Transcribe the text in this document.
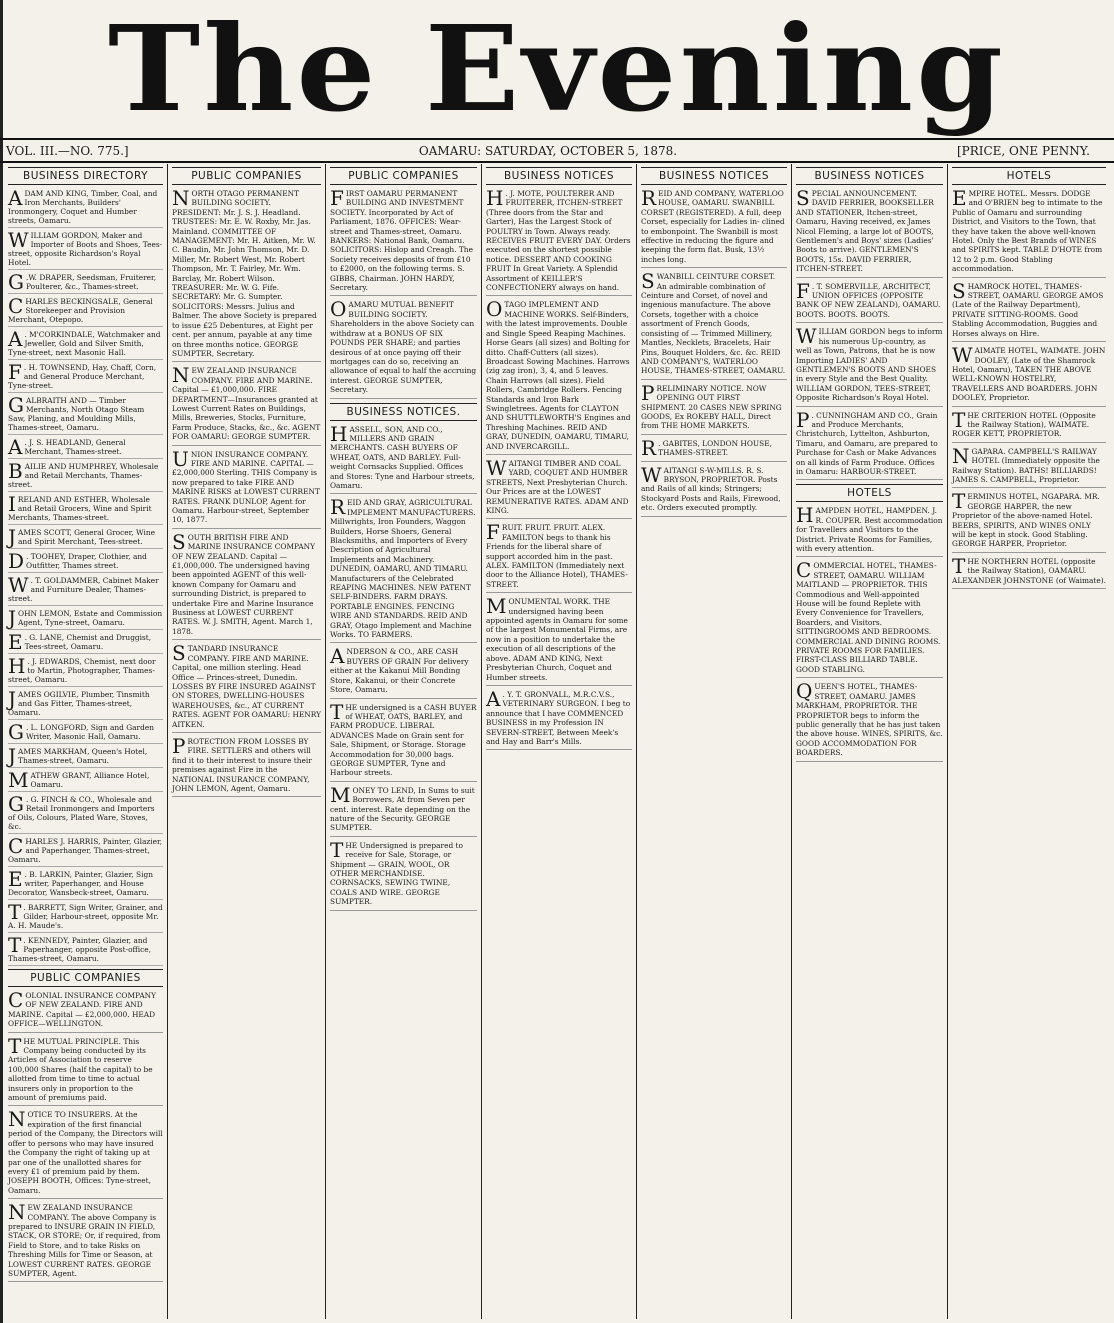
The Evening
VOL. III.—NO. 775.]	OAMARU: SATURDAY, OCTOBER 5, 1878.	[PRICE, ONE PENNY.
BUSINESS DIRECTORY
ADAM AND KING, Timber, Coal, and Iron Merchants, Builders' Ironmongery, Coquet and Humber streets, Oamaru.
WILLIAM GORDON, Maker and Importer of Boots and Shoes, Tees-street, opposite Richardson's Royal Hotel.
G .W. DRAPER, Seedsman, Fruiterer, Poulterer, &c., Thames-street.
CHARLES BECKINGSALE, General Storekeeper and Provision Merchant, Otepopo.
A . M'CORKINDALE, Watchmaker and Jeweller, Gold and Silver Smith, Tyne-street, next Masonic Hall.
F . H. TOWNSEND, Hay, Chaff, Corn, and General Produce Merchant, Tyne-street.
GALBRAITH AND — Timber Merchants, North Otago Steam Saw, Planing, and Moulding Mills, Thames-street, Oamaru.
A . J. S. HEADLAND, General Merchant, Thames-street.
BAILIE AND HUMPHREY, Wholesale and Retail Merchants, Thames-street.
IRELAND AND ESTHER, Wholesale and Retail Grocers, Wine and Spirit Merchants, Thames-street.
JAMES SCOTT, General Grocer, Wine and Spirit Merchant, Tees-street.
D . TOOHEY, Draper, Clothier, and Outfitter, Thames street.
W . T. GOLDAMMER, Cabinet Maker and Furniture Dealer, Thames-street.
JOHN LEMON, Estate and Commission Agent, Tyne-street, Oamaru.
E . G. LANE, Chemist and Druggist, Tees-street, Oamaru.
H . J. EDWARDS, Chemist, next door to Martin, Photographer, Thames-street, Oamaru.
JAMES OGILVIE, Plumber, Tinsmith and Gas Fitter, Thames-street, Oamaru.
G . L. LONGFORD, Sign and Garden Writer, Masonic Hall, Oamaru.
JAMES MARKHAM, Queen's Hotel, Thames-street, Oamaru.
MATHEW GRANT, Alliance Hotel, Oamaru.
G . G. FINCH & CO., Wholesale and Retail Ironmongers and Importers of Oils, Colours, Plated Ware, Stoves, &c.
CHARLES J. HARRIS, Painter, Glazier, and Paperhanger, Thames-street, Oamaru.
E . B. LARKIN, Painter, Glazier, Sign writer, Paperhanger, and House Decorator, Wansbeck-street, Oamaru.
T . BARRETT, Sign Writer, Grainer, and Gilder, Harbour-street, opposite Mr. A. H. Maude's.
T . KENNEDY, Painter, Glazier, and Paperhanger, opposite Post-office, Thames-street, Oamaru.
PUBLIC COMPANIES
COLONIAL INSURANCE COMPANY OF NEW ZEALAND. FIRE AND MARINE. Capital — £2,000,000. HEAD OFFICE—WELLINGTON.
THE MUTUAL PRINCIPLE. This Company being conducted by its Articles of Association to reserve 100,000 Shares (half the capital) to be allotted from time to time to actual insurers only in proportion to the amount of premiums paid.
NOTICE TO INSURERS. At the expiration of the first financial period of the Company, the Directors will offer to persons who may have insured the Company the right of taking up at par one of the unallotted shares for every £1 of premium paid by them. JOSEPH BOOTH, Offices: Tyne-street, Oamaru.
NEW ZEALAND INSURANCE COMPANY. The above Company is prepared to INSURE GRAIN IN FIELD, STACK, OR STORE; Or, if required, from Field to Store, and to take Risks on Threshing Mills for Time or Season, at LOWEST CURRENT RATES. GEORGE SUMPTER, Agent.
PUBLIC COMPANIES
NORTH OTAGO PERMANENT BUILDING SOCIETY. PRESIDENT: Mr. J. S. J. Headland. TRUSTEES: Mr. E. W. Roxby, Mr. Jas. Mainland. COMMITTEE OF MANAGEMENT: Mr. H. Aitken, Mr. W. C. Baudin, Mr. John Thomson, Mr. D. Miller, Mr. Robert West, Mr. Robert Thompson, Mr. T. Fairley, Mr. Wm. Barclay, Mr. Robert Wilson. TREASURER: Mr. W. G. Fife. SECRETARY: Mr. G. Sumpter. SOLICITORS: Messrs. Julius and Balmer. The above Society is prepared to issue £25 Debentures, at Eight per cent. per annum, payable at any time on three months notice. GEORGE SUMPTER, Secretary.
NEW ZEALAND INSURANCE COMPANY. FIRE AND MARINE. Capital — £1,000,000. FIRE DEPARTMENT—Insurances granted at Lowest Current Rates on Buildings, Mills, Breweries, Stocks, Furniture, Farm Produce, Stacks, &c., &c. AGENT FOR OAMARU: GEORGE SUMPTER.
UNION INSURANCE COMPANY. FIRE AND MARINE. CAPITAL — £2,000,000 Sterling. THIS Company is now prepared to take FIRE AND MARINE RISKS at LOWEST CURRENT RATES. FRANK DUNLOP, Agent for Oamaru. Harbour-street, September 10, 1877.
SOUTH BRITISH FIRE AND MARINE INSURANCE COMPANY OF NEW ZEALAND. Capital — £1,000,000. The undersigned having been appointed AGENT of this well-known Company for Oamaru and surrounding District, is prepared to undertake Fire and Marine Insurance Business at LOWEST CURRENT RATES. W. J. SMITH, Agent. March 1, 1878.
STANDARD INSURANCE COMPANY. FIRE AND MARINE. Capital, one million sterling. Head Office — Princes-street, Dunedin. LOSSES BY FIRE INSURED AGAINST ON STORES, DWELLING-HOUSES WAREHOUSES, &c., AT CURRENT RATES. AGENT FOR OAMARU: HENRY AITKEN.
PROTECTION FROM LOSSES BY FIRE. SETTLERS and others will find it to their interest to insure their premises against Fire in the NATIONAL INSURANCE COMPANY, JOHN LEMON, Agent, Oamaru.
PUBLIC COMPANIES
FIRST OAMARU PERMANENT BUILDING AND INVESTMENT SOCIETY. Incorporated by Act of Parliament, 1876. OFFICES: Wear-street and Thames-street, Oamaru. BANKERS: National Bank, Oamaru. SOLICITORS: Hislop and Creagh. The Society receives deposits of from £10 to £2000, on the following terms. S. GIBBS, Chairman. JOHN HARDY, Secretary.
OAMARU MUTUAL BENEFIT BUILDING SOCIETY. Shareholders in the above Society can withdraw at a BONUS OF SIX POUNDS PER SHARE; and parties desirous of at once paying off their mortgages can do so, receiving an allowance of equal to half the accruing interest. GEORGE SUMPTER, Secretary.
BUSINESS NOTICES.
HASSELL, SON, AND CO., MILLERS AND GRAIN MERCHANTS. CASH BUYERS OF WHEAT, OATS, AND BARLEY. Full-weight Cornsacks Supplied. Offices and Stores: Tyne and Harbour streets, Oamaru.
REID AND GRAY, AGRICULTURAL IMPLEMENT MANUFACTURERS. Millwrights, Iron Founders, Waggon Builders, Horse Shoers, General Blacksmiths, and Importers of Every Description of Agricultural Implements and Machinery. DUNEDIN, OAMARU, AND TIMARU. Manufacturers of the Celebrated REAPING MACHINES. NEW PATENT SELF-BINDERS. FARM DRAYS. PORTABLE ENGINES. FENCING WIRE AND STANDARDS. REID AND GRAY, Otago Implement and Machine Works. TO FARMERS.
ANDERSON & CO., ARE CASH BUYERS OF GRAIN For delivery either at the Kakanui Mill Bonding Store, Kakanui, or their Concrete Store, Oamaru.
THE undersigned is a CASH BUYER of WHEAT, OATS, BARLEY, and FARM PRODUCE. LIBERAL ADVANCES Made on Grain sent for Sale, Shipment, or Storage. Storage Accommodation for 30,000 bags. GEORGE SUMPTER, Tyne and Harbour streets.
MONEY TO LEND, In Sums to suit Borrowers, At from Seven per cent. interest. Rate depending on the nature of the Security. GEORGE SUMPTER.
THE Undersigned is prepared to receive for Sale, Storage, or Shipment — GRAIN, WOOL, OR OTHER MERCHANDISE. CORNSACKS, SEWING TWINE, COALS AND WIRE. GEORGE SUMPTER.
BUSINESS NOTICES
H . J. MOTE, POULTERER AND FRUITERER, ITCHEN-STREET (Three doors from the Star and Garter), Has the Largest Stock of POULTRY in Town. Always ready. RECEIVES FRUIT EVERY DAY. Orders executed on the shortest possible notice. DESSERT AND COOKING FRUIT In Great Variety. A Splendid Assortment of KEILLER'S CONFECTIONERY always on hand.
OTAGO IMPLEMENT AND MACHINE WORKS. Self-Binders, with the latest improvements. Double and Single Speed Reaping Machines. Horse Gears (all sizes) and Bolting for ditto. Chaff-Cutters (all sizes). Broadcast Sowing Machines. Harrows (zig zag iron), 3, 4, and 5 leaves. Chain Harrows (all sizes). Field Rollers, Cambridge Rollers. Fencing Standards and Iron Bark Swingletrees. Agents for CLAYTON AND SHUTTLEWORTH'S Engines and Threshing Machines. REID AND GRAY, DUNEDIN, OAMARU, TIMARU, AND INVERCARGILL.
WAITANGI TIMBER AND COAL YARD, COQUET AND HUMBER STREETS, Next Presbyterian Church. Our Prices are at the LOWEST REMUNERATIVE RATES. ADAM AND KING.
FRUIT. FRUIT. FRUIT. ALEX. FAMILTON begs to thank his Friends for the liberal share of support accorded him in the past. ALEX. FAMILTON (Immediately next door to the Alliance Hotel), THAMES-STREET.
MONUMENTAL WORK. THE undersigned having been appointed agents in Oamaru for some of the largest Monumental Firms, are now in a position to undertake the execution of all descriptions of the above. ADAM AND KING, Next Presbyterian Church, Coquet and Humber streets.
A . Y. T. GRONVALL, M.R.C.V.S., VETERINARY SURGEON. I beg to announce that I have COMMENCED BUSINESS in my Profession IN SEVERN-STREET, Between Meek's and Hay and Barr's Mills.
BUSINESS NOTICES
REID AND COMPANY, WATERLOO HOUSE, OAMARU. SWANBILL CORSET (REGISTERED). A full, deep Corset, especially for Ladies in- clined to embonpoint. The Swanbill is most effective in reducing the figure and keeping the form flat. Busk, 13½ inches long.
SWANBILL CEINTURE CORSET. An admirable combination of Ceinture and Corset, of novel and ingenious manufacture. The above Corsets, together with a choice assortment of French Goods, consisting of — Trimmed Millinery, Mantles, Necklets, Bracelets, Hair Pins, Bouquet Holders, &c. &c. REID AND COMPANY'S, WATERLOO HOUSE, THAMES-STREET, OAMARU.
PRELIMINARY NOTICE. NOW OPENING OUT FIRST SHIPMENT. 20 CASES NEW SPRING GOODS, Ex ROKEBY HALL, Direct from THE HOME MARKETS.
R . GABITES, LONDON HOUSE, THAMES-STREET.
WAITANGI S-W-MILLS. R. S. BRYSON, PROPRIETOR. Posts and Rails of all kinds; Stringers; Stockyard Posts and Rails, Firewood, etc. Orders executed promptly.
BUSINESS NOTICES
SPECIAL ANNOUNCEMENT. DAVID FERRIER, BOOKSELLER AND STATIONER, Itchen-street, Oamaru, Having received, ex James Nicol Fleming, a large lot of BOOTS, Gentlemen's and Boys' sizes (Ladies' Boots to arrive). GENTLEMEN'S BOOTS, 15s. DAVID FERRIER, ITCHEN-STREET.
F . T. SOMERVILLE, ARCHITECT, UNION OFFICES (OPPOSITE BANK OF NEW ZEALAND), OAMARU. BOOTS. BOOTS. BOOTS.
WILLIAM GORDON begs to inform his numerous Up-country, as well as Town, Patrons, that he is now Importing LADIES' AND GENTLEMEN'S BOOTS AND SHOES in every Style and the Best Quality. WILLIAM GORDON, TEES-STREET, Opposite Richardson's Royal Hotel.
P . CUNNINGHAM AND CO., Grain and Produce Merchants, Christchurch, Lyttelton, Ashburton, Timaru, and Oamaru, are prepared to Purchase for Cash or Make Advances on all kinds of Farm Produce. Offices in Oamaru: HARBOUR-STREET.
HOTELS
HAMPDEN HOTEL, HAMPDEN. J. R. COUPER. Best accommodation for Travellers and Visitors to the District. Private Rooms for Families, with every attention.
COMMERCIAL HOTEL, THAMES-STREET, OAMARU. WILLIAM MAITLAND — PROPRIETOR. THIS Commodious and Well-appointed House will be found Replete with Every Convenience for Travellers, Boarders, and Visitors. SITTINGROOMS AND BEDROOMS. COMMERCIAL AND DINING ROOMS. PRIVATE ROOMS FOR FAMILIES. FIRST-CLASS BILLIARD TABLE. GOOD STABLING.
QUEEN'S HOTEL, THAMES-STREET, OAMARU. JAMES MARKHAM, PROPRIETOR. THE PROPRIETOR begs to inform the public generally that he has just taken the above house. WINES, SPIRITS, &c. GOOD ACCOMMODATION FOR BOARDERS.
HOTELS
EMPIRE HOTEL. Messrs. DODGE and O'BRIEN beg to intimate to the Public of Oamaru and surrounding District, and Visitors to the Town, that they have taken the above well-known Hotel. Only the Best Brands of WINES and SPIRITS kept. TABLE D'HOTE from 12 to 2 p.m. Good Stabling accommodation.
SHAMROCK HOTEL, THAMES-STREET, OAMARU. GEORGE AMOS (Late of the Railway Department), PRIVATE SITTING-ROOMS. Good Stabling Accommodation, Buggies and Horses always on Hire.
WAIMATE HOTEL, WAIMATE. JOHN DOOLEY, (Late of the Shamrock Hotel, Oamaru), TAKEN THE ABOVE WELL-KNOWN HOSTELRY, TRAVELLERS AND BOARDERS. JOHN DOOLEY, Proprietor.
THE CRITERION HOTEL (Opposite the Railway Station), WAIMATE. ROGER KETT, PROPRIETOR.
NGAPARA. CAMPBELL'S RAILWAY HOTEL (Immediately opposite the Railway Station). BATHS! BILLIARDS! JAMES S. CAMPBELL, Proprietor.
TERMINUS HOTEL, NGAPARA. MR. GEORGE HARPER, the new Proprietor of the above-named Hotel. BEERS, SPIRITS, AND WINES ONLY will be kept in stock. Good Stabling. GEORGE HARPER, Proprietor.
THE NORTHERN HOTEL (opposite the Railway Station), OAMARU. ALEXANDER JOHNSTONE (of Waimate).
